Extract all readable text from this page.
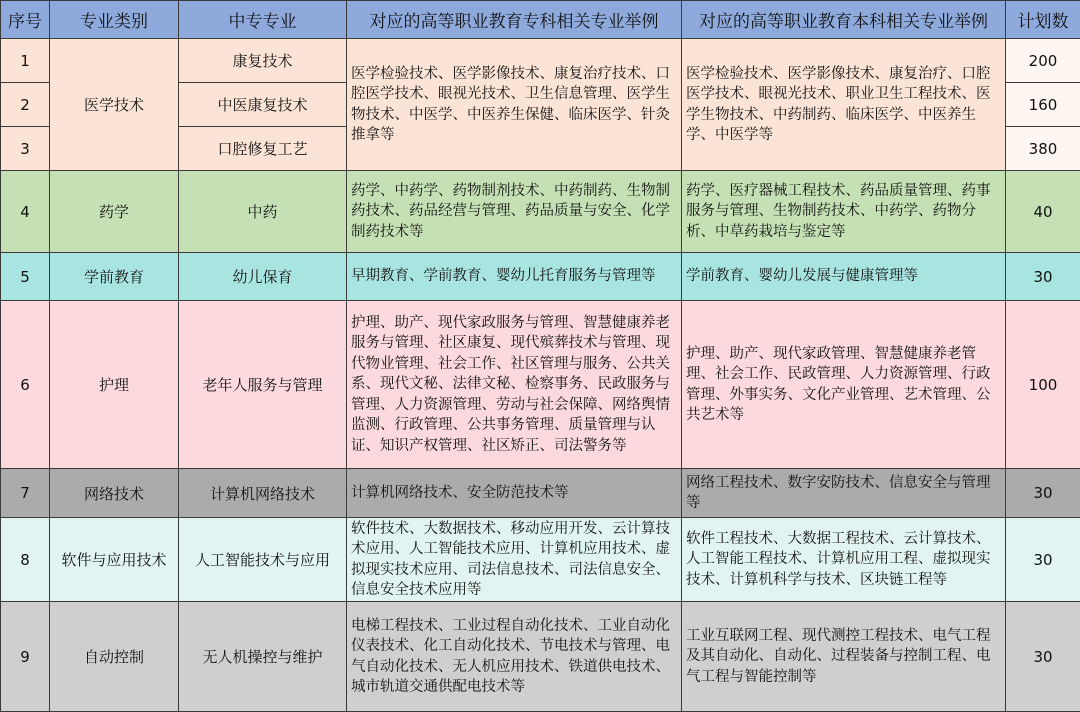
序号	专业类别	中专专业	对应的高等职业教育专科相关专业举例	对应的高等职业教育本科相关专业举例	计划数
1	医学技术	康复技术	医学检验技术、医学影像技术、康复治疗技术、口腔医学技术、眼视光技术、卫生信息管理、医学生物技术、中医学、中医养生保健、临床医学、针灸推拿等	医学检验技术、医学影像技术、康复治疗、口腔医学技术、眼视光技术、职业卫生工程技术、医学生物技术、中药制药、临床医学、中医养生学、中医学等	200
2		中医康复技术			160
3		口腔修复工艺			380
4	药学	中药	药学、中药学、药物制剂技术、中药制药、生物制药技术、药品经营与管理、药品质量与安全、化学制药技术等	药学、医疗器械工程技术、药品质量管理、药事服务与管理、生物制药技术、中药学、药物分析、中草药栽培与鉴定等	40
5	学前教育	幼儿保育	早期教育、学前教育、婴幼儿托育服务与管理等	学前教育、婴幼儿发展与健康管理等	30
6	护理	老年人服务与管理	护理、助产、现代家政服务与管理、智慧健康养老服务与管理、社区康复、现代殡葬技术与管理、现代物业管理、社会工作、社区管理与服务、公共关系、现代文秘、法律文秘、检察事务、民政服务与管理、人力资源管理、劳动与社会保障、网络舆情监测、行政管理、公共事务管理、质量管理与认证、知识产权管理、社区矫正、司法警务等	护理、助产、现代家政管理、智慧健康养老管理、社会工作、民政管理、人力资源管理、行政管理、外事实务、文化产业管理、艺术管理、公共艺术等	100
7	网络技术	计算机网络技术	计算机网络技术、安全防范技术等	网络工程技术、数字安防技术、信息安全与管理等	30
8	软件与应用技术	人工智能技术与应用	软件技术、大数据技术、移动应用开发、云计算技术应用、人工智能技术应用、计算机应用技术、虚拟现实技术应用、司法信息技术、司法信息安全、信息安全技术应用等	软件工程技术、大数据工程技术、云计算技术、人工智能工程技术、计算机应用工程、虚拟现实技术、计算机科学与技术、区块链工程等	30
9	自动控制	无人机操控与维护	电梯工程技术、工业过程自动化技术、工业自动化仪表技术、化工自动化技术、节电技术与管理、电气自动化技术、无人机应用技术、铁道供电技术、城市轨道交通供配电技术等	工业互联网工程、现代测控工程技术、电气工程及其自动化、自动化、过程装备与控制工程、电气工程与智能控制等	30
